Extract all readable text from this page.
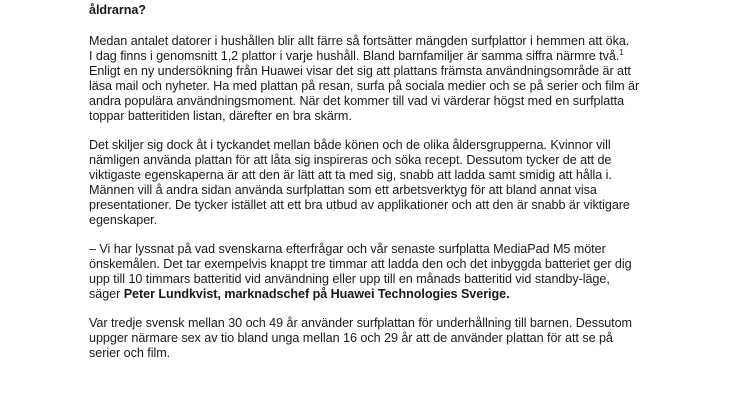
åldrarna?
Medan antalet datorer i hushållen blir allt färre så fortsätter mängden surfplattor i hemmen att öka.
I dag finns i genomsnitt 1,2 plattor i varje hushåll. Bland barnfamiljer är samma siffra närmre två.$^1$
Enligt en ny undersökning från Huawei visar det sig att plattans främsta användningsområde är att
läsa mail och nyheter. Ha med plattan på resan, surfa på sociala medier och se på serier och film är
andra populära användningsmoment. När det kommer till vad vi värderar högst med en surfplatta
toppar batteritiden listan, därefter en bra skärm.
Det skiljer sig dock åt i tyckandet mellan både könen och de olika åldersgrupperna. Kvinnor vill
nämligen använda plattan för att låta sig inspireras och söka recept. Dessutom tycker de att de
viktigaste egenskaperna är att den är lätt att ta med sig, snabb att ladda samt smidig att hålla i.
Männen vill å andra sidan använda surfplattan som ett arbetsverktyg för att bland annat visa
presentationer. De tycker istället att ett bra utbud av applikationer och att den är snabb är viktigare
egenskaper.
– Vi har lyssnat på vad svenskarna efterfrågar och vår senaste surfplatta MediaPad M5 möter
önskemålen. Det tar exempelvis knappt tre timmar att ladda den och det inbyggda batteriet ger dig
upp till 10 timmars batteritid vid användning eller upp till en månads batteritid vid standby-läge,
säger Peter Lundkvist, marknadschef på Huawei Technologies Sverige.
Var tredje svensk mellan 30 och 49 år använder surfplattan för underhållning till barnen. Dessutom
uppger närmare sex av tio bland unga mellan 16 och 29 år att de använder plattan för att se på
serier och film.
